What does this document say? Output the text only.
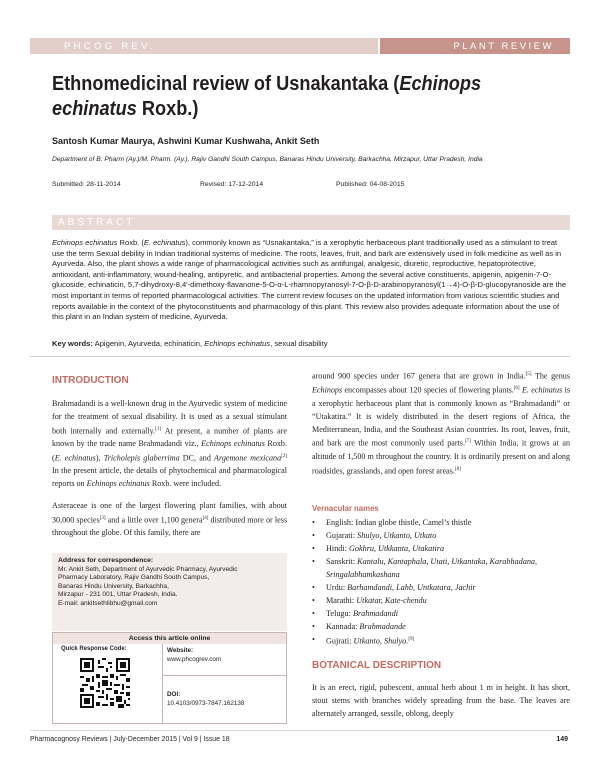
PHCOG REV.	PLANT REVIEW
Ethnomedicinal review of Usnakantaka (Echinops echinatus Roxb.)
Santosh Kumar Maurya, Ashwini Kumar Kushwaha, Ankit Seth
Department of B. Pharm (Ay.)/M. Pharm. (Ay.), Rajiv Gandhi South Campus, Banaras Hindu University, Barkachha, Mirzapur, Uttar Pradesh, India
Submitted: 28-11-2014	Revised: 17-12-2014	Published: 04-08-2015
ABSTRACT
Echinops echinatus Roxb. (E. echinatus), commonly known as “Usnakantaka,” is a xerophytic herbaceous plant traditionally used as a stimulant to treat use the term Sexual debility in Indian traditional systems of medicine. The roots, leaves, fruit, and bark are extensively used in folk medicine as well as in Ayurveda. Also, the plant shows a wide range of pharmacological activities such as antifungal, analgesic, diuretic, reproductive, hepatoprotective, antioxidant, anti-inflammatory, wound-healing, antipyretic, and antibacterial properties. Among the several active constituents, apigenin, apigenin-7-O-glucoside, echinaticin, 5,7-dihydroxy-8,4′-dimethoxy-flavanone-5-O-α-L-rhamnopyranosyl-7-O-β-D-arabinopyranosyl(1→4)-O-β-D-glucopyranoside are the most important in terms of reported pharmacological activities. The current review focuses on the updated information from various scientific studies and reports available in the context of the phytoconstituents and pharmacology of this plant. This review also provides adequate information about the use of this plant in an Indian system of medicine, Ayurveda.
Key words: Apigenin, Ayurveda, echinaticin, Echinops echinatus, sexual disability
INTRODUCTION

Brahmadandi is a well-known drug in the Ayurvedic system of medicine for the treatment of sexual disability. It is used as a sexual stimulant both internally and externally.[1] At present, a number of plants are known by the trade name Brahmadandi viz., Echinops echinatus Roxb. (E. echinatus), Tricholepis glaberrima DC, and Argemone mexicana[2] In the present article, the details of phytochemical and pharmacological reports on Echinops echinatus Roxb. were included.

Asteraceae is one of the largest flowering plant families, with about 30,000 species[3] and a little over 1,100 genera[4] distributed more or less throughout the globe. Of this family, there are

around 900 species under 167 genera that are grown in India.[5] The genus Echinops encompasses about 120 species of flowering plants.[6] E. echinatus is a xerophytic herbaceous plant that is commonly known as “Brahmadandi” or “Utakatira.” It is widely distributed in the desert regions of Africa, the Mediterranean, India, and the Southeast Asian countries. Its root, leaves, fruit, and bark are the most commonly used parts.[7] Within India, it grows at an altitude of 1,500 m throughout the country. It is ordinarily present on and along roadsides, grasslands, and open forest areas.[8]
Vernacular names
• English: Indian globe thistle, Camel’s thistle
• Gujarati: Shulyo, Utkanto, Utkato
• Hindi: Gokhru, Utkkanta, Utakatira
• Sanskrit: Kantalu, Kantaphala, Utati, Utkantaka, Karabhadana, Sringalabhamkashana
• Urdu: Barhamdandi, Lahb, Untkatara, Jachir
• Marathi: Utkatar, Kate-chendu
• Telugu: Brahmadandi
• Kannada: Brahmadande
• Gujrati: Utkanto, Shulyo.[9]
BOTANICAL DESCRIPTION
It is an erect, rigid, pubescent, annual herb about 1 m in height. It has short, stout stems with branches widely spreading from the base. The leaves are alternately arranged, sessile, oblong, deeply
Address for correspondence:
Mr. Ankit Seth, Department of Ayurvedic Pharmacy, Ayurvedic
Pharmacy Laboratory, Rajiv Gandhi South Campus,
Banaras Hindu University, Barkachha,
Mirzapur - 231 001, Uttar Pradesh, India.
E-mail: ankitsethlibhu@gmail.com
Access this article online
Quick Response Code:	Website:
www.phcogrev.com
DOI:
10.4103/0973-7847.162138
Pharmacognosy Reviews | July-December 2015 | Vol 9 | Issue 18	149
